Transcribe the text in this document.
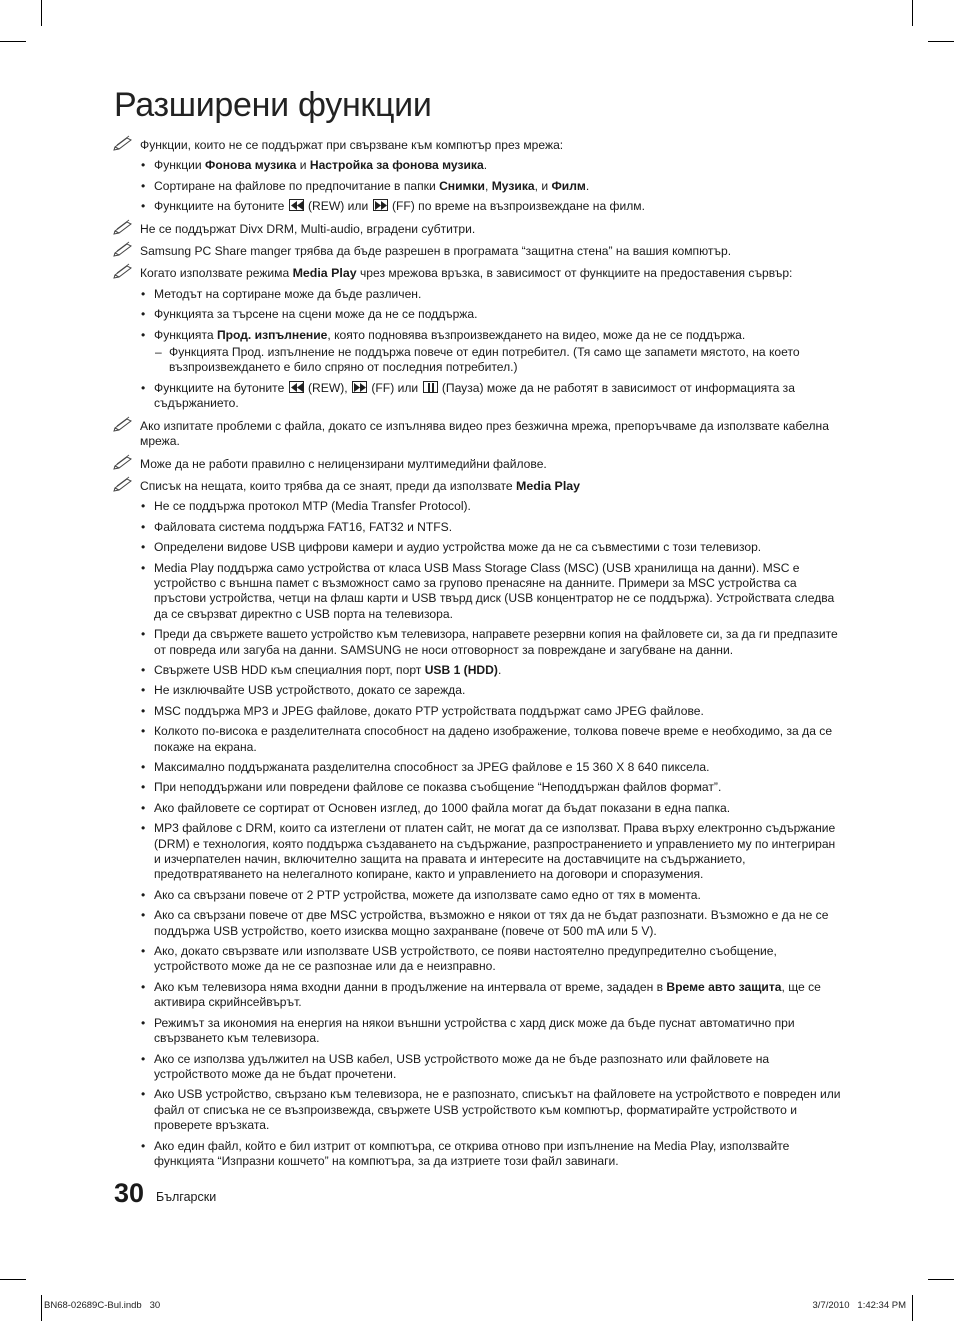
Разширени функции
Функции, които не се поддържат при свързване към компютър през мрежа:
• Функции Фонова музика и Настройка за фонова музика.
• Сортиране на файлове по предпочитание в папки Снимки, Музика, и Филм.
• Функциите на бутоните
(REW) или
(FF) по време на възпроизвеждане на филм.
Не се поддържат Divx DRM, Multi-audio, вградени субтитри.
Samsung PC Share manger трябва да бъде разрешен в програмата “защитна стена” на вашия компютър.
Когато използвате режима Media Play чрез мрежова връзка, в зависимост от функциите на предоставения сървър:
• Методът на сортиране може да бъде различен.
• Функцията за търсене на сцени може да не се поддържа.
• Функцията Прод. изпълнение, която подновява възпроизвеждането на видео, може да не се поддържа.
– Функцията Прод. изпълнение не поддържа повече от един потребител. (Тя само ще запамети мястото, на което възпроизвеждането е било спряно от последния потребител.)
• Функциите на бутоните
(REW),
(FF) или
(Пауза) може да не работят в зависимост от информацията за съдържанието.
Ако изпитате проблеми с файла, докато се изпълнява видео през безжична мрежа, препоръчваме да използвате кабелна мрежа.
Може да не работи правилно с нелицензирани мултимедийни файлове.
Списък на нещата, които трябва да се знаят, преди да използвате Media Play
• Не се поддържа протокол MTP (Media Transfer Protocol).
• Файловата система поддържа FAT16, FAT32 и NTFS.
• Определени видове USB цифрови камери и аудио устройства може да не са съвместими с този телевизор.
• Media Play поддържа само устройства от класа USB Mass Storage Class (MSC) (USB хранилища на данни). MSC е устройство с външна памет с възможност само за групово пренасяне на данните. Примери за MSC устройства са пръстови устройства, четци на флаш карти и USB твърд диск (USB концентратор не се поддържа). Устройствата следва да се свързват директно с USB порта на телевизора.
• Преди да свържете вашето устройство към телевизора, направете резервни копия на файловете си, за да ги предпазите от повреда или загуба на данни. SAMSUNG не носи отговорност за повреждане и загубване на данни.
• Свържете USB HDD към специалния порт, порт USB 1 (HDD).
• Не изключвайте USB устройството, докато се зарежда.
• MSC поддържа MP3 и JPEG файлове, докато PTP устройствата поддържат само JPEG файлове.
• Колкото по-висока е разделителната способност на дадено изображение, толкова повече време е необходимо, за да се покаже на екрана.
• Максимално поддържаната разделителна способност за JPEG файлове е 15 360 X 8 640 пиксела.
• При неподдържани или повредени файлове се показва съобщение “Неподдържан файлов формат”.
• Ако файловете се сортират от Основен изглед, до 1000 файла могат да бъдат показани в една папка.
• MP3 файлове с DRM, които са изтеглени от платен сайт, не могат да се използват. Права върху електронно съдържание (DRM) е технология, която поддържа създаването на съдържание, разпространението и управлението му по интегриран и изчерпателен начин, включително защита на правата и интересите на доставчиците на съдържанието, предотвратяването на нелегалното копиране, както и управлението на договори и споразумения.
• Ако са свързани повече от 2 PTP устройства, можете да използвате само едно от тях в момента.
• Ако са свързани повече от две MSC устройства, възможно е някои от тях да не бъдат разпознати. Възможно е да не се поддържа USB устройство, което изисква мощно захранване (повече от 500 mA или 5 V).
• Ако, докато свързвате или използвате USB устройството, се появи настоятелно предупредително съобщение, устройството може да не се разпознае или да е неизправно.
• Ако към телевизора няма входни данни в продължение на интервала от време, зададен в Време авто защита, ще се активира скрийнсейвърът.
• Режимът за икономия на енергия на някои външни устройства с хард диск може да бъде пуснат автоматично при свързването към телевизора.
• Ако се използва удължител на USB кабел, USB устройството може да не бъде разпознато или файловете на устройството може да не бъдат прочетени.
• Ако USB устройство, свързано към телевизора, не е разпознато, списъкът на файловете на устройството е повреден или файл от списъка не се възпроизвежда, свържете USB устройството към компютър, форматирайте устройството и проверете връзката.
• Ако един файл, който е бил изтрит от компютъра, се открива отново при изпълнение на Media Play, използвайте функцията “Изпразни кошчето” на компютъра, за да изтриете този файл завинаги.
30 Български
BN68-02689C-Bul.indb   30	3/7/2010   1:42:34 PM
